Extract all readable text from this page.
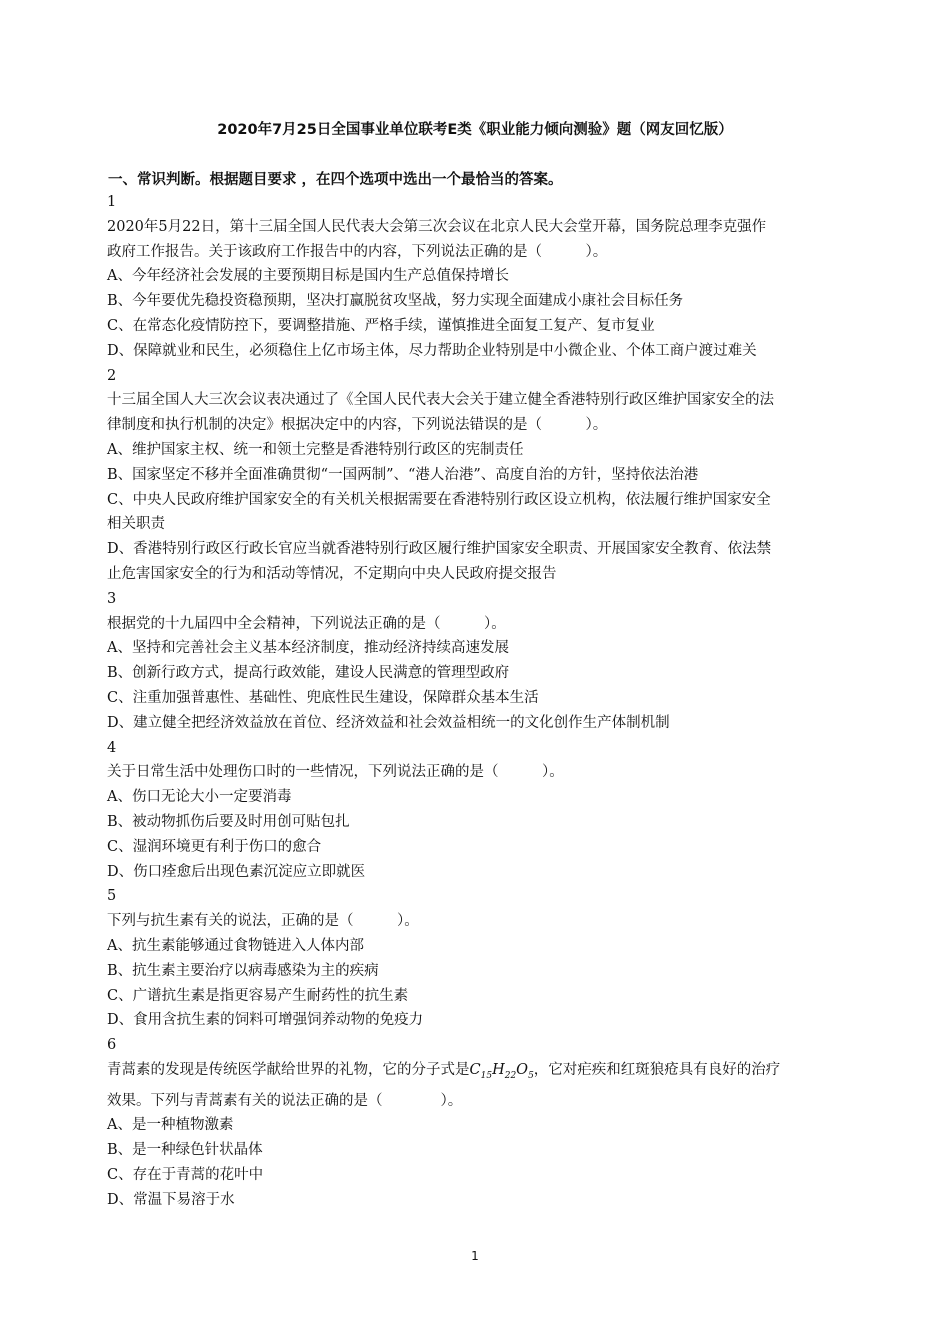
2020年7月25日全国事业单位联考E类《职业能力倾向测验》题（网友回忆版）
一、常识判断。根据题目要求 ，在四个选项中选出一个最恰当的答案。
1
2020年5月22日，第十三届全国人民代表大会第三次会议在北京人民大会堂开幕，国务院总理李克强作
政府工作报告。关于该政府工作报告中的内容，下列说法正确的是（　　　）。
A、今年经济社会发展的主要预期目标是国内生产总值保持增长
B、今年要优先稳投资稳预期，坚决打赢脱贫攻坚战，努力实现全面建成小康社会目标任务
C、在常态化疫情防控下，要调整措施、严格手续，谨慎推进全面复工复产、复市复业
D、保障就业和民生，必须稳住上亿市场主体，尽力帮助企业特别是中小微企业、个体工商户渡过难关
2
十三届全国人大三次会议表决通过了《全国人民代表大会关于建立健全香港特别行政区维护国家安全的法
律制度和执行机制的决定》根据决定中的内容，下列说法错误的是（　　　）。
A、维护国家主权、统一和领土完整是香港特别行政区的宪制责任
B、国家坚定不移并全面准确贯彻“一国两制”、“港人治港”、高度自治的方针，坚持依法治港
C、中央人民政府维护国家安全的有关机关根据需要在香港特别行政区设立机构，依法履行维护国家安全
相关职责
D、香港特别行政区行政长官应当就香港特别行政区履行维护国家安全职责、开展国家安全教育、依法禁
止危害国家安全的行为和活动等情况，不定期向中央人民政府提交报告
3
根据党的十九届四中全会精神，下列说法正确的是（　　　）。
A、坚持和完善社会主义基本经济制度，推动经济持续高速发展
B、创新行政方式，提高行政效能，建设人民满意的管理型政府
C、注重加强普惠性、基础性、兜底性民生建设，保障群众基本生活
D、建立健全把经济效益放在首位、经济效益和社会效益相统一的文化创作生产体制机制
4
关于日常生活中处理伤口时的一些情况，下列说法正确的是（　　　）。
A、伤口无论大小一定要消毒
B、被动物抓伤后要及时用创可贴包扎
C、湿润环境更有利于伤口的愈合
D、伤口痊愈后出现色素沉淀应立即就医
5
下列与抗生素有关的说法，正确的是（　　　）。
A、抗生素能够通过食物链进入人体内部
B、抗生素主要治疗以病毒感染为主的疾病
C、广谱抗生素是指更容易产生耐药性的抗生素
D、食用含抗生素的饲料可增强饲养动物的免疫力
6
青蒿素的发现是传统医学献给世界的礼物，它的分子式是$C_{15}H_{22}O_5$，它对疟疾和红斑狼疮具有良好的治疗
效果。下列与青蒿素有关的说法正确的是（　　　　）。
A、是一种植物激素
B、是一种绿色针状晶体
C、存在于青蒿的花叶中
D、常温下易溶于水
1
